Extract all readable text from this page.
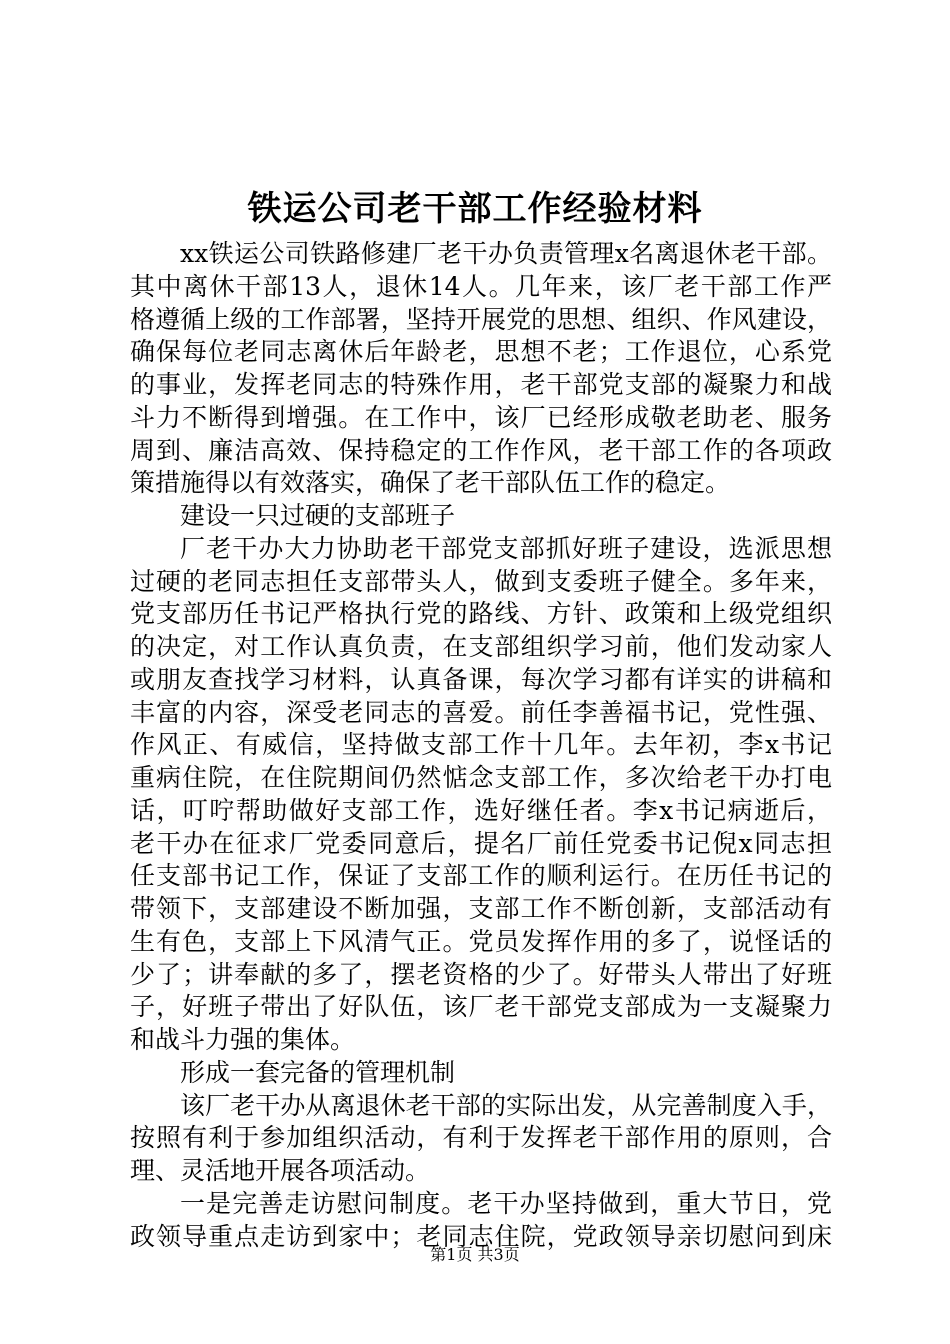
铁运公司老干部工作经验材料
xx铁运公司铁路修建厂老干办负责管理x名离退休老干部。
其中离休干部13人，退休14人。几年来，该厂老干部工作严
格遵循上级的工作部署，坚持开展党的思想、组织、作风建设，
确保每位老同志离休后年龄老，思想不老；工作退位，心系党
的事业，发挥老同志的特殊作用，老干部党支部的凝聚力和战
斗力不断得到增强。在工作中，该厂已经形成敬老助老、服务
周到、廉洁高效、保持稳定的工作作风，老干部工作的各项政
策措施得以有效落实，确保了老干部队伍工作的稳定。
建设一只过硬的支部班子
厂老干办大力协助老干部党支部抓好班子建设，选派思想
过硬的老同志担任支部带头人，做到支委班子健全。多年来，
党支部历任书记严格执行党的路线、方针、政策和上级党组织
的决定，对工作认真负责，在支部组织学习前，他们发动家人
或朋友查找学习材料，认真备课，每次学习都有详实的讲稿和
丰富的内容，深受老同志的喜爱。前任李善福书记，党性强、
作风正、有威信，坚持做支部工作十几年。去年初，李x书记
重病住院，在住院期间仍然惦念支部工作，多次给老干办打电
话，叮咛帮助做好支部工作，选好继任者。李x书记病逝后，
老干办在征求厂党委同意后，提名厂前任党委书记倪x同志担
任支部书记工作，保证了支部工作的顺利运行。在历任书记的
带领下，支部建设不断加强，支部工作不断创新，支部活动有
生有色，支部上下风清气正。党员发挥作用的多了，说怪话的
少了；讲奉献的多了，摆老资格的少了。好带头人带出了好班
子，好班子带出了好队伍，该厂老干部党支部成为一支凝聚力
和战斗力强的集体。
形成一套完备的管理机制
该厂老干办从离退休老干部的实际出发，从完善制度入手，
按照有利于参加组织活动，有利于发挥老干部作用的原则，合
理、灵活地开展各项活动。
一是完善走访慰问制度。老干办坚持做到，重大节日，党
政领导重点走访到家中；老同志住院，党政领导亲切慰问到床
第1页 共3页
